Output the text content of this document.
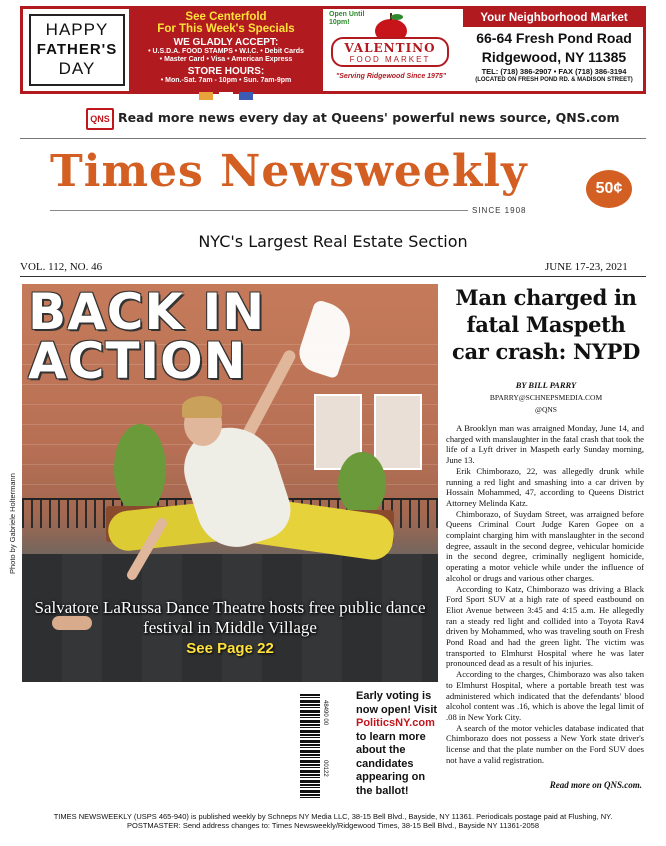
HAPPY
FATHER'S
DAY
See Centerfold
For This Week's Specials
WE GLADLY ACCEPT:
• U.S.D.A. FOOD STAMPS • W.I.C. • Debit Cards
• Master Card • Visa • American Express
STORE HOURS:
• Mon.-Sat. 7am - 10pm • Sun. 7am-9pm

Open Until
10pm!
VALENTINO
FOOD MARKET
"Serving Ridgewood Since 1975"
Your Neighborhood Market
66-64 Fresh Pond Road
Ridgewood, NY 11385
TEL: (718) 386-2907 • FAX (718) 386-3194
(LOCATED ON FRESH POND RD. & MADISON STREET)
QNS Read more news every day at Queens' powerful news source, QNS.com
Times Newsweekly
SINCE 1908
50¢
NYC's Largest Real Estate Section
VOL. 112, NO. 46	JUNE 17-23, 2021
BACK IN
ACTION
Salvatore LaRussa Dance Theatre hosts free public dance festival in Middle Village
See Page 22
Photo by Gabriele Holtermann
48490 00
00122
Early voting is now open! Visit PoliticsNY.com to learn more about the candidates appearing on the ballot!
Man charged in fatal Maspeth car crash: NYPD
BY BILL PARRY
BPARRY@SCHNEPSMEDIA.COM
@QNS

A Brooklyn man was arraigned Monday, June 14, and charged with manslaughter in the fatal crash that took the life of a Lyft driver in Maspeth early Sunday morning, June 13.

Erik Chimborazo, 22, was allegedly drunk while running a red light and smashing into a car driven by Hossain Mohammed, 47, according to Queens District Attorney Melinda Katz.

Chimborazo, of Suydam Street, was arraigned before Queens Criminal Court Judge Karen Gopee on a complaint charging him with manslaughter in the second degree, assault in the second degree, vehicular homicide in the second degree, criminally negligent homicide, operating a motor vehicle while under the influence of alcohol or drugs and various other charges.

According to Katz, Chimborazo was driving a Black Ford Sport SUV at a high rate of speed eastbound on Eliot Avenue between 3:45 and 4:15 a.m. He allegedly ran a steady red light and collided into a Toyota Rav4 driven by Mohammed, who was traveling south on Fresh Pond Road and had the green light. The victim was transported to Elmhurst Hospital where he was later pronounced dead as a result of his injuries.

According to the charges, Chimborazo was also taken to Elmhurst Hospital, where a portable breath test was administered which indicated that the defendants' blood alcohol content was .16, which is above the legal limit of .08 in New York City.

A search of the motor vehicles database indicated that Chimborazo does not possess a New York state driver's license and that the plate number on the Ford SUV does not have a valid registration.

Read more on QNS.com.
TIMES NEWSWEEKLY (USPS 465-940) is published weekly by Schneps NY Media LLC, 38-15 Bell Blvd., Bayside, NY 11361. Periodicals postage paid at Flushing, NY.
POSTMASTER: Send address changes to: Times Newsweekly/Ridgewood Times, 38-15 Bell Blvd., Bayside NY 11361-2058
